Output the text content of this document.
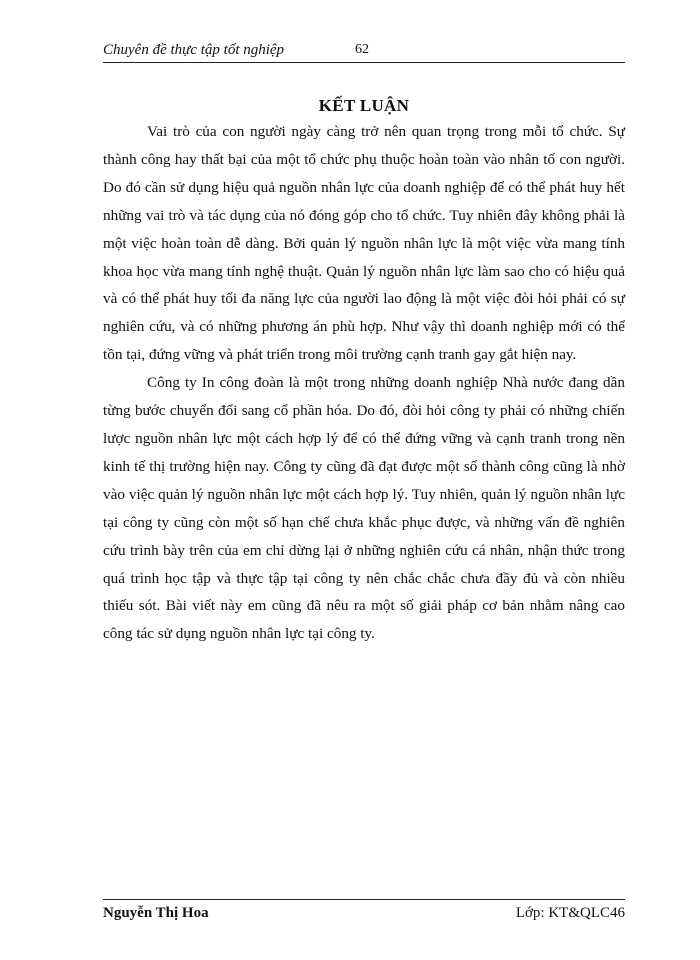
Chuyên đề thực tập tốt nghiệp	62
KẾT LUẬN

Vai trò của con người ngày càng trở nên quan trọng trong mỗi tổ chức. Sự thành công hay thất bại của một tổ chức phụ thuộc hoàn toàn vào nhân tố con người. Do đó cần sử dụng hiệu quả nguồn nhân lực của doanh nghiệp để có thể phát huy hết những vai trò và tác dụng của nó đóng góp cho tổ chức. Tuy nhiên đây không phải là một việc hoàn toàn dễ dàng. Bởi quản lý nguồn nhân lực là một việc vừa mang tính khoa học vừa mang tính nghệ thuật. Quản lý nguồn nhân lực làm sao cho có hiệu quả và có thể phát huy tối đa năng lực của người lao động là một việc đòi hỏi phải có sự nghiên cứu, và có những phương án phù hợp. Như vậy thì doanh nghiệp mới có thể tồn tại, đứng vững và phát triển trong môi trường cạnh tranh gay gắt hiện nay.

Công ty In công đoàn là một trong những doanh nghiệp Nhà nước đang dần từng bước chuyển đổi sang cổ phần hóa. Do đó, đòi hỏi công ty phải có những chiến lược nguồn nhân lực một cách hợp lý để có thể đứng vững và cạnh tranh trong nền kinh tế thị trường hiện nay. Công ty cũng đã đạt được một số thành công cũng là nhờ vào việc quản lý nguồn nhân lực một cách hợp lý. Tuy nhiên, quản lý nguồn nhân lực tại công ty cũng còn một số hạn chế chưa khắc phục được, và những vấn đề nghiên cứu trình bày trên của em chỉ dừng lại ở những nghiên cứu cá nhân, nhận thức trong quá trình học tập và thực tập tại công ty nên chắc chắc chưa đầy đủ và còn nhiều thiếu sót. Bài viết này em cũng đã nêu ra một số giải pháp cơ bản nhằm nâng cao công tác sử dụng nguồn nhân lực tại công ty.

Nguyễn Thị Hoa	Lớp: KT&QLC46
